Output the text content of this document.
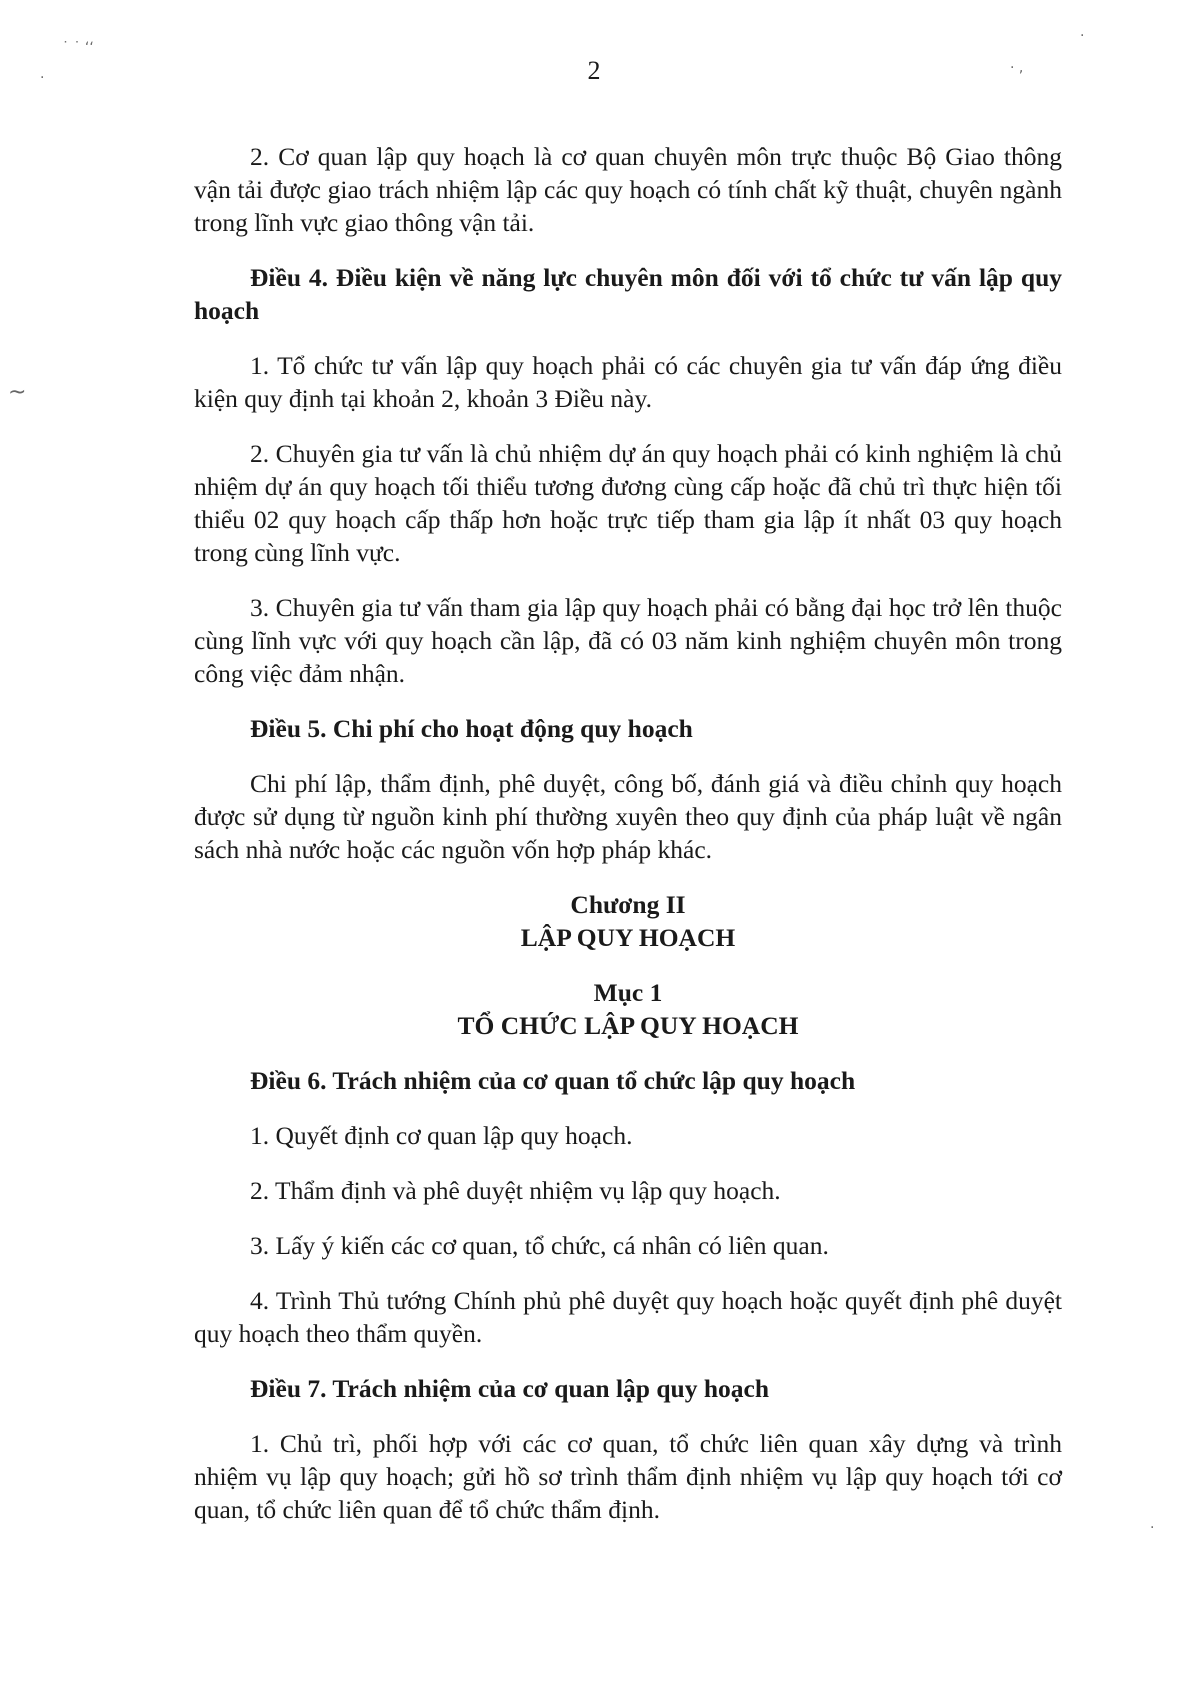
2

2. Cơ quan lập quy hoạch là cơ quan chuyên môn trực thuộc Bộ Giao thông vận tải được giao trách nhiệm lập các quy hoạch có tính chất kỹ thuật, chuyên ngành trong lĩnh vực giao thông vận tải.

Điều 4. Điều kiện về năng lực chuyên môn đối với tổ chức tư vấn lập quy hoạch

1. Tổ chức tư vấn lập quy hoạch phải có các chuyên gia tư vấn đáp ứng điều kiện quy định tại khoản 2, khoản 3 Điều này.

2. Chuyên gia tư vấn là chủ nhiệm dự án quy hoạch phải có kinh nghiệm là chủ nhiệm dự án quy hoạch tối thiểu tương đương cùng cấp hoặc đã chủ trì thực hiện tối thiểu 02 quy hoạch cấp thấp hơn hoặc trực tiếp tham gia lập ít nhất 03 quy hoạch trong cùng lĩnh vực.

3. Chuyên gia tư vấn tham gia lập quy hoạch phải có bằng đại học trở lên thuộc cùng lĩnh vực với quy hoạch cần lập, đã có 03 năm kinh nghiệm chuyên môn trong công việc đảm nhận.

Điều 5. Chi phí cho hoạt động quy hoạch

Chi phí lập, thẩm định, phê duyệt, công bố, đánh giá và điều chỉnh quy hoạch được sử dụng từ nguồn kinh phí thường xuyên theo quy định của pháp luật về ngân sách nhà nước hoặc các nguồn vốn hợp pháp khác.

Chương II
LẬP QUY HOẠCH

Mục 1
TỔ CHỨC LẬP QUY HOẠCH

Điều 6. Trách nhiệm của cơ quan tổ chức lập quy hoạch

1. Quyết định cơ quan lập quy hoạch.

2. Thẩm định và phê duyệt nhiệm vụ lập quy hoạch.

3. Lấy ý kiến các cơ quan, tổ chức, cá nhân có liên quan.

4. Trình Thủ tướng Chính phủ phê duyệt quy hoạch hoặc quyết định phê duyệt quy hoạch theo thẩm quyền.

Điều 7. Trách nhiệm của cơ quan lập quy hoạch

1. Chủ trì, phối hợp với các cơ quan, tổ chức liên quan xây dựng và trình nhiệm vụ lập quy hoạch; gửi hồ sơ trình thẩm định nhiệm vụ lập quy hoạch tới cơ quan, tổ chức liên quan để tổ chức thẩm định.

˙ ˙ ‘‘
·
~
· ,
·
·
